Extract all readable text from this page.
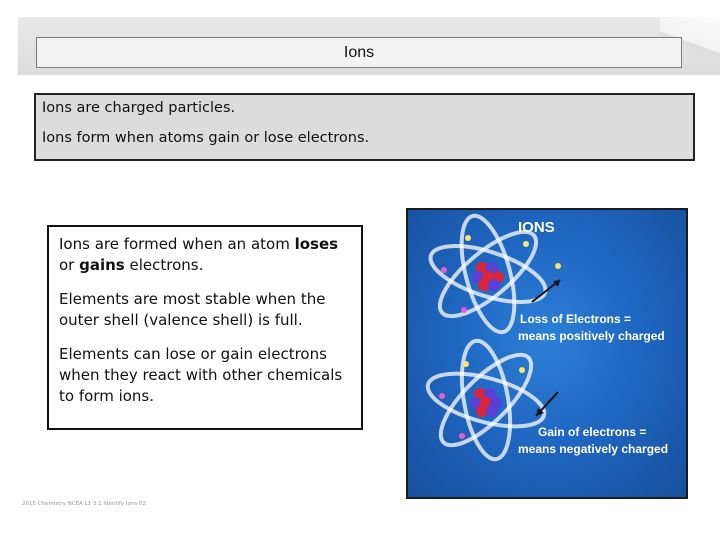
Ions

Ions are charged particles.

Ions form when atoms gain or lose electrons.

Ions are formed when an atom loses or gains electrons.

Elements are most stable when the outer shell (valence shell) is full.

Elements can lose or gain electrons when they react with other chemicals to form ions.

2015 Chemistry NCEA L1 3.1 Identify Ions 02
IONS
Loss of Electrons =
means positively charged
Gain of electrons =
means negatively charged
